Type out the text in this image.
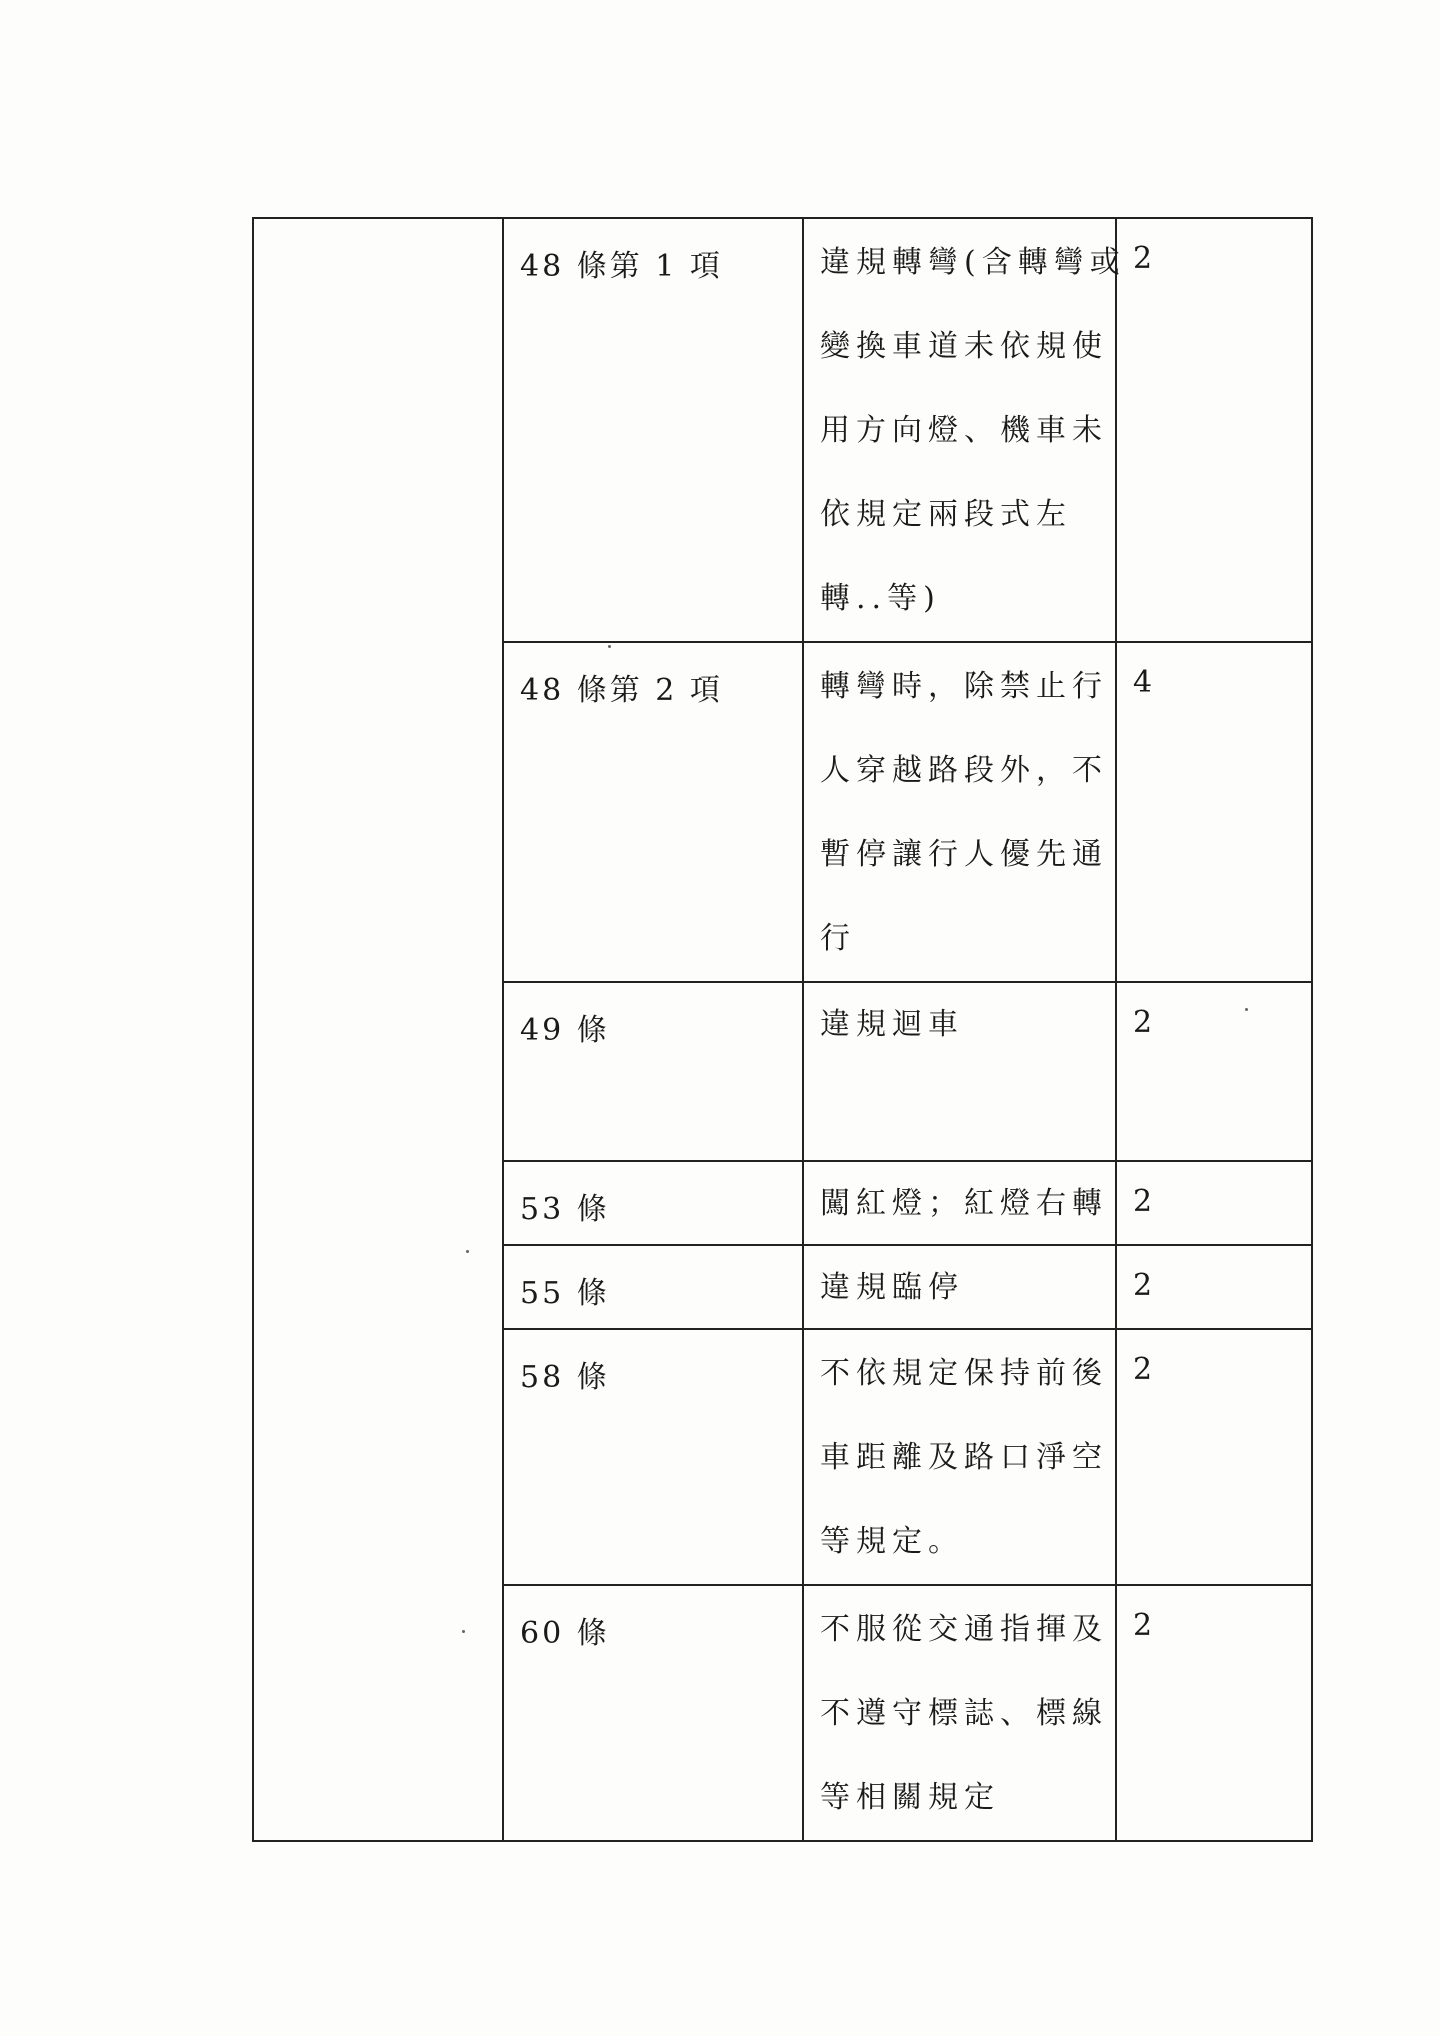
	48 條第 1 項	違規轉彎(含轉彎或
變換車道未依規使
用方向燈、機車未
依規定兩段式左
轉..等)	2
	48 條第 2 項	轉彎時，除禁止行
人穿越路段外，不
暫停讓行人優先通
行	4
	49 條	違規迴車	2
	53 條	闖紅燈；紅燈右轉	2
	55 條	違規臨停	2
	58 條	不依規定保持前後
車距離及路口淨空
等規定。	2
	60 條	不服從交通指揮及
不遵守標誌、標線
等相關規定	2
